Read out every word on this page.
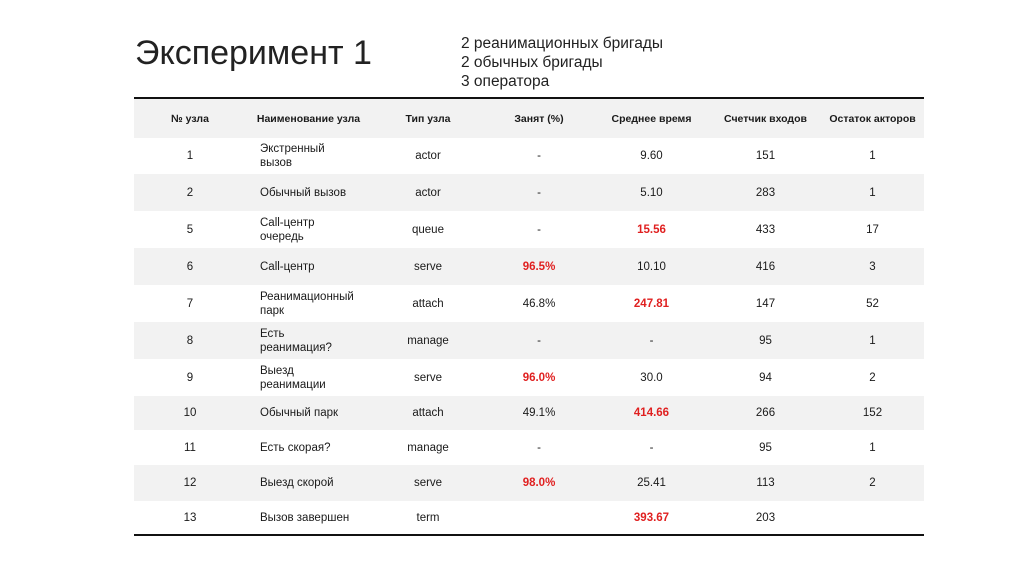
Эксперимент 1	2 реанимационных бригады
2 обычных бригады
3 оператора
№ узла	Наименование узла	Тип узла	Занят (%)	Среднее время	Счетчик входов	Остаток акторов
1	Экстренный вызов	actor	-	9.60	151	1
2	Обычный вызов	actor	-	5.10	283	1
5	Call-центр очередь	queue	-	15.56	433	17
6	Call-центр	serve	96.5%	10.10	416	3
7	Реанимационный парк	attach	46.8%	247.81	147	52
8	Есть реанимация?	manage	-	-	95	1
9	Выезд реанимации	serve	96.0%	30.0	94	2
10	Обычный парк	attach	49.1%	414.66	266	152
11	Есть скорая?	manage	-	-	95	1
12	Выезд скорой	serve	98.0%	25.41	113	2
13	Вызов завершен	term		393.67	203	
